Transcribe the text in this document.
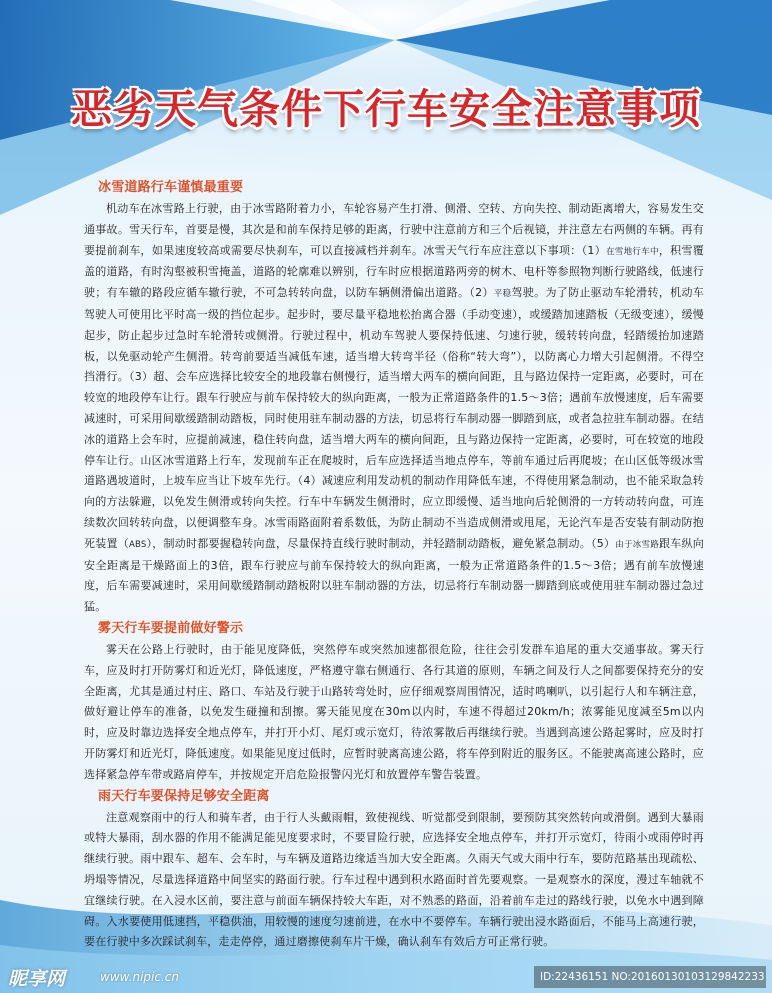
恶劣天气条件下行车安全注意事项
冰雪道路行车谨慎最重要

机动车在冰雪路上行驶，由于冰雪路附着力小，车轮容易产生打滑、侧滑、空转、方向失控、制动距离增大，容易发生交通事故。雪天行车，首要是慢，其次是和前车保持足够的距离，行驶中注意前方和三个后视镜，并注意左右两侧的车辆。再有要提前刹车，如果速度较高或需要尽快刹车，可以直接减档并刹车。冰雪天气行车应注意以下事项：（1）在雪地行车中，积雪覆盖的道路，有时沟壑被积雪掩盖，道路的轮廓难以辨别，行车时应根据道路两旁的树木、电杆等参照物判断行驶路线，低速行驶；有车辙的路段应循车辙行驶，不可急转转向盘，以防车辆侧滑偏出道路。（2）平稳驾驶。为了防止驱动车轮滑转，机动车驾驶人可使用比平时高一级的挡位起步。起步时，要尽量平稳地松抬离合器（手动变速），或缓踏加速踏板（无级变速），缓慢起步，防止起步过急时车轮滑转或侧滑。行驶过程中，机动车驾驶人要保持低速、匀速行驶，缓转转向盘，轻踏缓抬加速踏板，以免驱动轮产生侧滑。转弯前要适当减低车速，适当增大转弯半径（俗称“转大弯”），以防离心力增大引起侧滑。不得空挡滑行。（3）超、会车应选择比较安全的地段靠右侧慢行，适当增大两车的横向间距，且与路边保持一定距离，必要时，可在较宽的地段停车让行。跟车行驶应与前车保持较大的纵向距离，一般为正常道路条件的1.5～3倍；遇前车放慢速度，后车需要减速时，可采用间歇缓踏制动踏板，同时使用驻车制动器的方法，切忌将行车制动器一脚踏到底，或者急拉驻车制动器。在结冰的道路上会车时，应提前减速，稳住转向盘，适当增大两车的横向间距，且与路边保持一定距离，必要时，可在较宽的地段停车让行。山区冰雪道路上行车，发现前车正在爬坡时，后车应选择适当地点停车，等前车通过后再爬坡；在山区低等级冰雪道路遇坡道时，上坡车应当让下坡车先行。（4）减速应利用发动机的制动作用降低车速，不得使用紧急制动，也不能采取急转向的方法躲避，以免发生侧滑或转向失控。行车中车辆发生侧滑时，应立即缓慢、适当地向后轮侧滑的一方转动转向盘，可连续数次回转转向盘，以便调整车身。冰雪雨路面附着系数低，为防止制动不当造成侧滑或甩尾，无论汽车是否安装有制动防抱死装置（ABS），制动时都要握稳转向盘，尽量保持直线行驶时制动，并轻踏制动踏板，避免紧急制动。（5）由于冰雪路跟车纵向安全距离是干燥路面上的3倍，跟车行驶应与前车保持较大的纵向距离，一般为正常道路条件的1.5～3倍；遇有前车放慢速度，后车需要减速时，采用间歇缓踏制动踏板附以驻车制动器的方法，切忌将行车制动器一脚踏到底或使用驻车制动器过急过猛。

雾天行车要提前做好警示

雾天在公路上行驶时，由于能见度降低，突然停车或突然加速都很危险，往往会引发群车追尾的重大交通事故。雾天行车，应及时打开防雾灯和近光灯，降低速度，严格遵守靠右侧通行、各行其道的原则，车辆之间及行人之间都要保持充分的安全距离，尤其是通过村庄、路口、车站及行驶于山路转弯处时，应仔细观察周围情况，适时鸣喇叭，以引起行人和车辆注意，做好避让停车的准备，以免发生碰撞和刮擦。雾天能见度在30m以内时，车速不得超过20km/h；浓雾能见度减至5m以内时，应及时靠边选择安全地点停车，并打开小灯、尾灯或示宽灯，待浓雾散后再继续行驶。当遇到高速公路起雾时，应及时打开防雾灯和近光灯，降低速度。如果能见度过低时，应暂时驶离高速公路，将车停到附近的服务区。不能驶离高速公路时，应选择紧急停车带或路肩停车，并按规定开启危险报警闪光灯和放置停车警告装置。

雨天行车要保持足够安全距离

注意观察雨中的行人和骑车者，由于行人头戴雨帽，致使视线、听觉都受到限制，要预防其突然转向或滑倒。遇到大暴雨或特大暴雨，刮水器的作用不能满足能见度要求时，不要冒险行驶，应选择安全地点停车，并打开示宽灯，待雨小或雨停时再继续行驶。雨中跟车、超车、会车时，与车辆及道路边缘适当加大安全距离。久雨天气或大雨中行车，要防范路基出现疏松、坍塌等情况，尽量选择道路中间坚实的路面行驶。行车过程中遇到积水路面时首先要观察。一是观察水的深度，漫过车轴就不宜继续行驶。在入浸水区前，要注意与前面车辆保持较大车距，对不熟悉的路面，沿着前车走过的路线行驶，以免水中遇到障碍。入水要使用低速挡，平稳供油，用较慢的速度匀速前进，在水中不要停车。车辆行驶出浸水路面后，不能马上高速行驶，要在行驶中多次踩试刹车，走走停停，通过磨擦使刹车片干燥，确认刹车有效后方可正常行驶。

昵享网	www.nipic.cn	ID:22436151 NO:20160130103129842233
